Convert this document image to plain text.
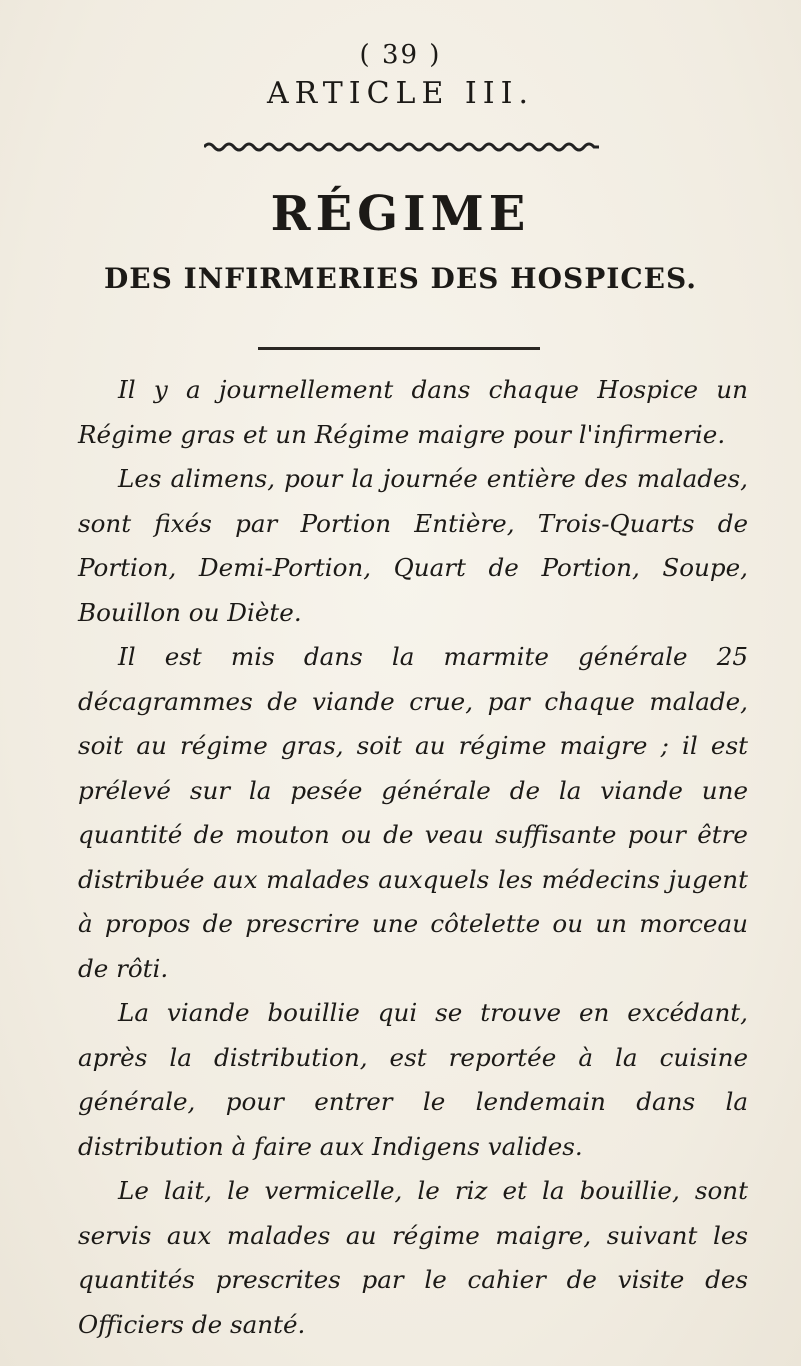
( 39 )
ARTICLE III.
RÉGIME
DES INFIRMERIES DES HOSPICES.

Il y a journellement dans chaque Hospice un Régime gras et un Régime maigre pour l'infirmerie.

Les alimens, pour la journée entière des malades, sont fixés par Portion Entière, Trois-Quarts de Portion, Demi-Portion, Quart de Portion, Soupe, Bouillon ou Diète.

Il est mis dans la marmite générale 25 décagrammes de viande crue, par chaque malade, soit au régime gras, soit au régime maigre ; il est prélevé sur la pesée générale de la viande une quantité de mouton ou de veau suffisante pour être distribuée aux malades auxquels les médecins jugent à propos de prescrire une côtelette ou un morceau de rôti.

La viande bouillie qui se trouve en excédant, après la distribution, est reportée à la cuisine générale, pour entrer le lendemain dans la distribution à faire aux Indigens valides.

Le lait, le vermicelle, le riz et la bouillie, sont servis aux malades au régime maigre, suivant les quantités prescrites par le cahier de visite des Officiers de santé.
